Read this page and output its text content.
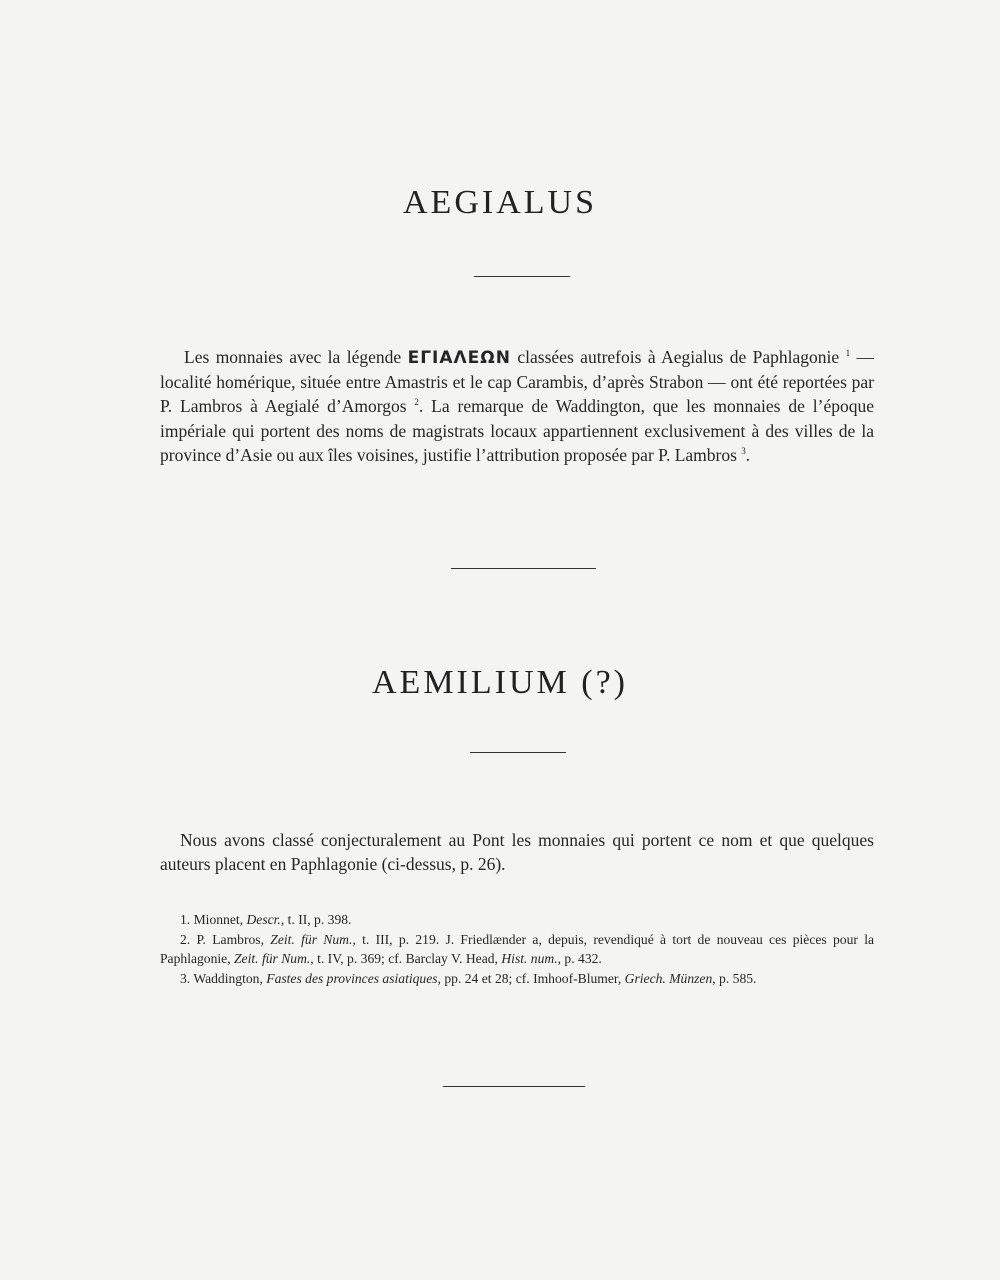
AEGIALUS

Les monnaies avec la légende ΕΓΙΑΛΕΩΝ classées autrefois à Aegialus de Paphlagonie $^1$ — localité homérique, située entre Amastris et le cap Carambis, d’après Strabon — ont été reportées par P. Lambros à Aegialé d’Amorgos $^2$. La remarque de Waddington, que les monnaies de l’époque impériale qui portent des noms de magistrats locaux appartiennent exclusivement à des villes de la province d’Asie ou aux îles voisines, justifie l’attribution proposée par P. Lambros $^3$.

AEMILIUM (?)

Nous avons classé conjecturalement au Pont les monnaies qui portent ce nom et que quelques auteurs placent en Paphlagonie (ci-dessus, p. 26).

1. Mionnet, Descr., t. II, p. 398.

2. P. Lambros, Zeit. für Num., t. III, p. 219. J. Friedlænder a, depuis, revendiqué à tort de nouveau ces pièces pour la Paphlagonie, Zeit. für Num., t. IV, p. 369; cf. Barclay V. Head, Hist. num., p. 432.

3. Waddington, Fastes des provinces asiatiques, pp. 24 et 28; cf. Imhoof-Blumer, Griech. Münzen, p. 585.
